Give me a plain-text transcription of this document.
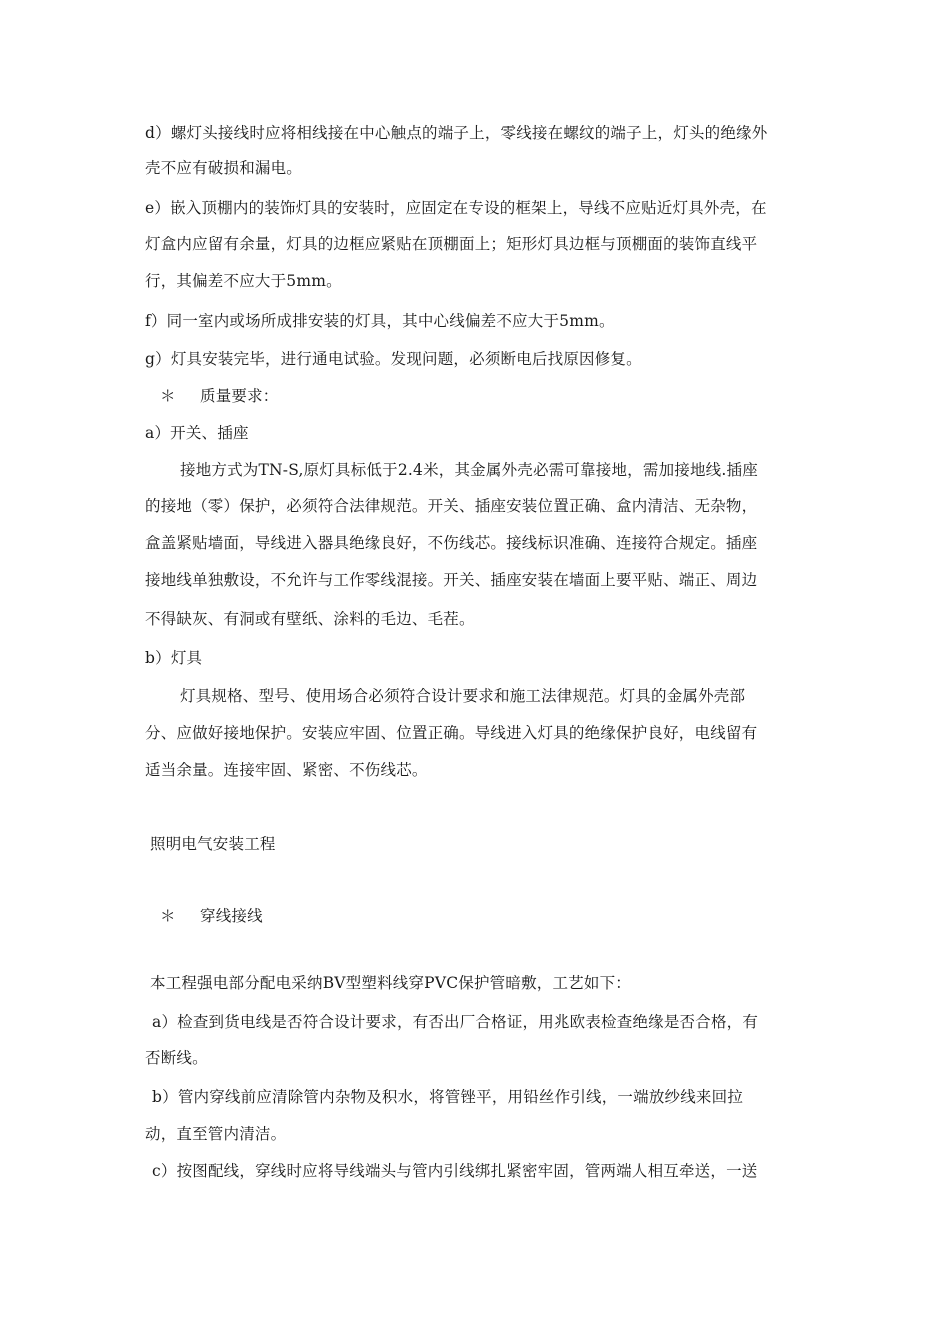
d）螺灯头接线时应将相线接在中心触点的端子上，零线接在螺纹的端子上，灯头的绝缘外
壳不应有破损和漏电。
e）嵌入顶棚内的装饰灯具的安装时，应固定在专设的框架上，导线不应贴近灯具外壳，在
灯盒内应留有余量，灯具的边框应紧贴在顶棚面上；矩形灯具边框与顶棚面的装饰直线平
行，其偏差不应大于5mm。
f）同一室内或场所成排安装的灯具，其中心线偏差不应大于5mm。
g）灯具安装完毕，进行通电试验。发现问题，必须断电后找原因修复。
＊ 质量要求：
a）开关、插座
接地方式为TN-S,原灯具标低于2.4米，其金属外壳必需可靠接地，需加接地线.插座
的接地（零）保护，必须符合法律规范。开关、插座安装位置正确、盒内清洁、无杂物，
盒盖紧贴墙面，导线进入器具绝缘良好，不伤线芯。接线标识准确、连接符合规定。插座
接地线单独敷设，不允许与工作零线混接。开关、插座安装在墙面上要平贴、端正、周边
不得缺灰、有洞或有壁纸、涂料的毛边、毛茬。
b）灯具
灯具规格、型号、使用场合必须符合设计要求和施工法律规范。灯具的金属外壳部
分、应做好接地保护。安装应牢固、位置正确。导线进入灯具的绝缘保护良好，电线留有
适当余量。连接牢固、紧密、不伤线芯。
照明电气安装工程
＊ 穿线接线
本工程强电部分配电采纳BV型塑料线穿PVC保护管暗敷，工艺如下：
a）检查到货电线是否符合设计要求，有否出厂合格证，用兆欧表检查绝缘是否合格，有
否断线。
b）管内穿线前应清除管内杂物及积水，将管锉平，用铅丝作引线，一端放纱线来回拉
动，直至管内清洁。
c）按图配线，穿线时应将导线端头与管内引线绑扎紧密牢固，管两端人相互牵送，一送
